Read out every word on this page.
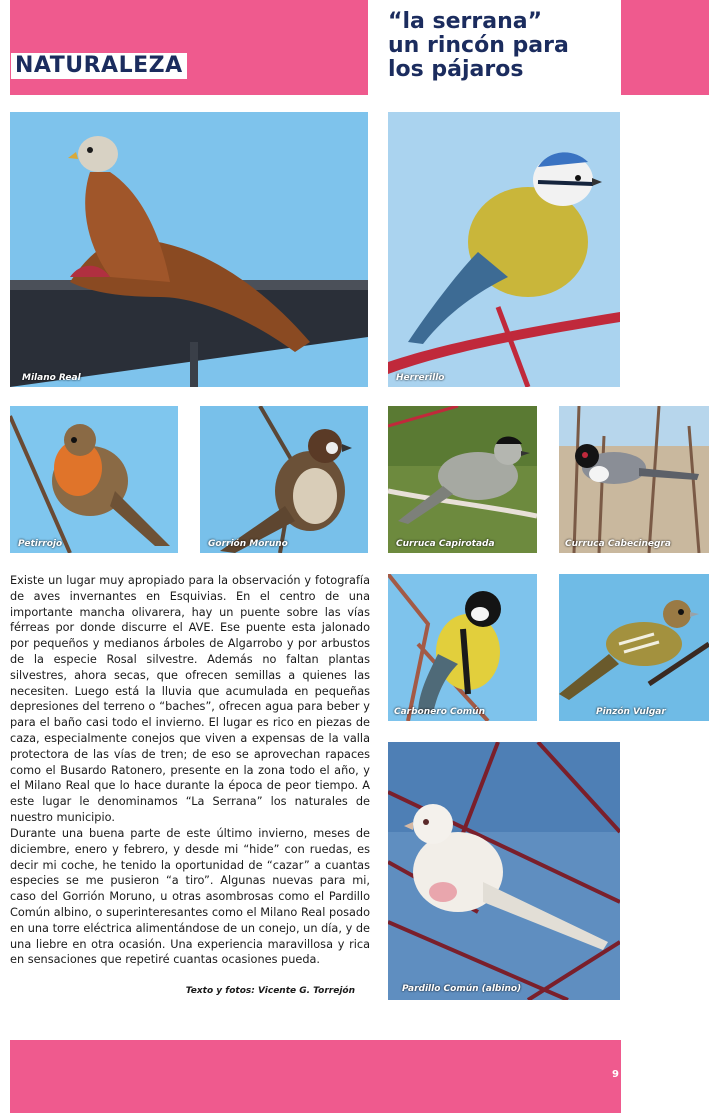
NATURALEZA
“la serrana”
un rincón para
los pájaros
Milano Real	Herrerillo
Petirrojo	Gorrión Moruno	Curruca Capirotada	Curruca Cabecinegra
Carbonero Común	Pinzón Vulgar
Pardillo Común (albino)

Existe un lugar muy apropiado para la observación y fotografía de aves invernantes en Esquivias. En el centro de una importante mancha olivarera, hay un puente sobre las vías férreas por donde discurre el AVE. Ese puente esta jalonado por pequeños y medianos árboles de Algarrobo y por arbustos de la especie Rosal silvestre. Además no faltan plantas silvestres, ahora secas, que ofrecen semillas a quienes las necesiten. Luego está la lluvia que acumulada en pequeñas depresiones del terreno o “baches”, ofrecen agua para beber y para el baño casi todo el invierno. El lugar es rico en piezas de caza, especialmente conejos que viven a expensas de la valla protectora de las vías de tren; de eso se aprovechan rapaces como el Busardo Ratonero, presente en la zona todo el año, y el Milano Real que lo hace durante la época de peor tiempo. A este lugar le denominamos “La Serrana” los naturales de nuestro municipio.

Durante una buena parte de este último invierno, meses de diciembre, enero y febrero, y desde mi “hide” con ruedas, es decir mi coche, he tenido la oportunidad de “cazar” a cuantas especies se me pusieron “a tiro”. Algunas nuevas para mi, caso del Gorrión Moruno, u otras asombrosas como el Pardillo Común albino, o superinteresantes como el Milano Real posado en una torre eléctrica alimentándose de un conejo, un día, y de una liebre en otra ocasión. Una experiencia maravillosa y rica en sensaciones que repetiré cuantas ocasiones pueda.

Texto y fotos: Vicente G. Torrejón
9
